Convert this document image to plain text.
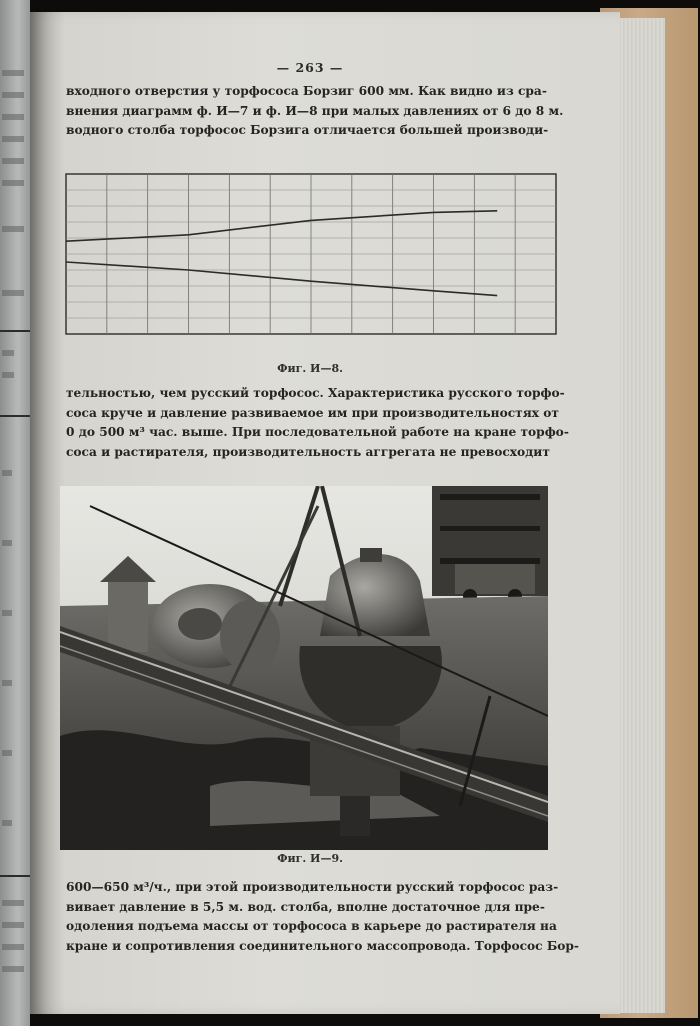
— 263 —
входного отверстия у торфососа Борзиг 600 мм. Как видно из сра-
внения диаграмм ф. И—7 и ф. И—8 при малых давлениях от 6 до 8 м.
водного столба торфосос Борзига отличается большей производи-
Фиг. И—8.
тельностью, чем русский торфосос. Характеристика русского торфо-
соса круче и давление развиваемое им при производительностях от
0 до 500 м³ час. выше. При последовательной работе на кране торфо-
соса и растирателя, производительность аггрегата не превосходит
Фиг. И—9.
600—650 м³/ч., при этой производительности русский торфосос раз-
вивает давление в 5,5 м. вод. столба, вполне достаточное для пре-
одоления подъема массы от торфососа в карьере до растирателя на
кране и сопротивления соединительного массопровода. Торфосос Бор-
